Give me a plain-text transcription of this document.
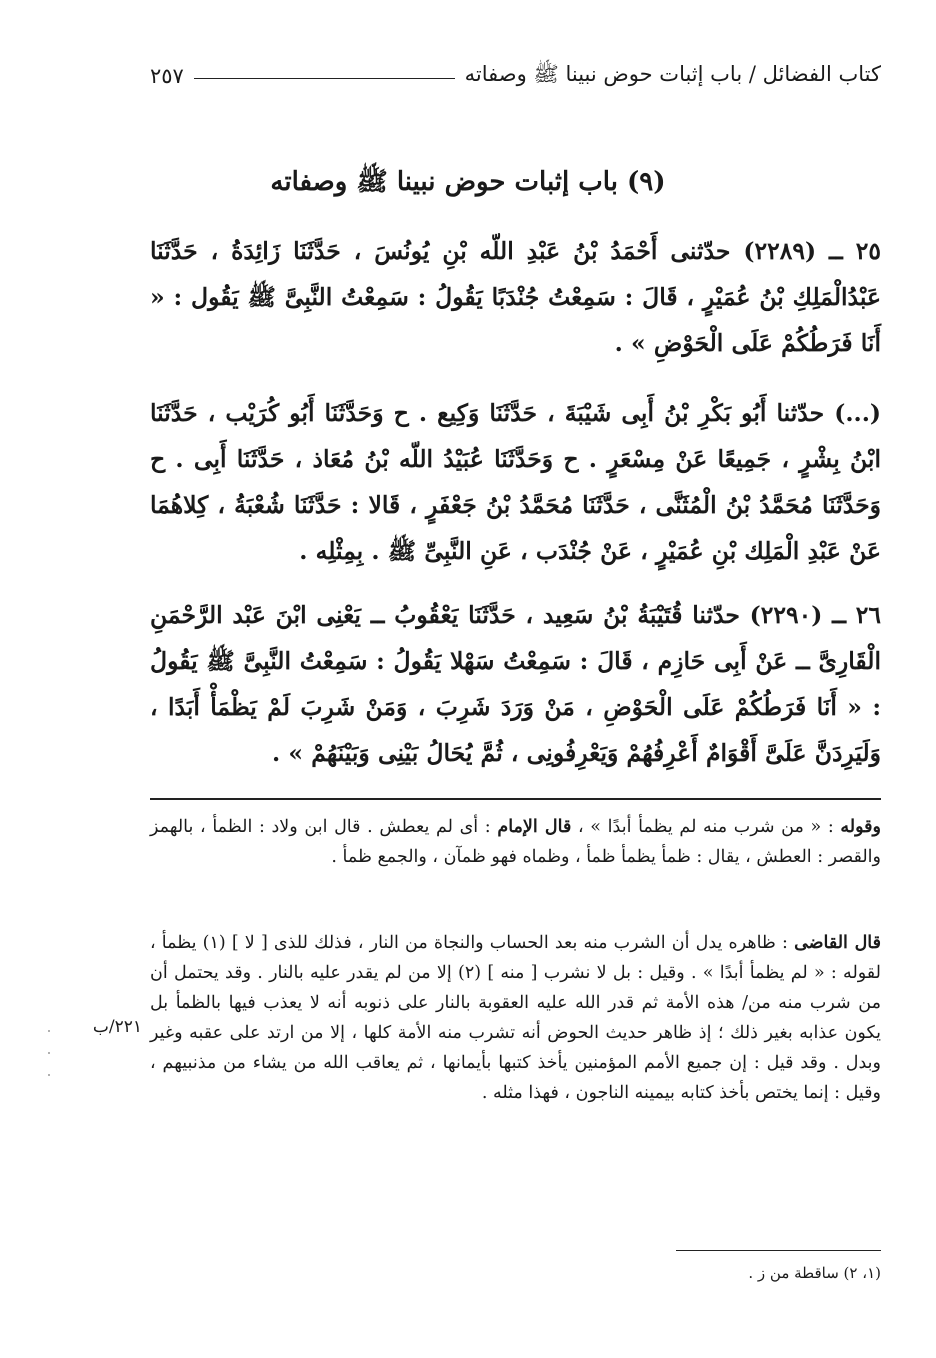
كتاب الفضائل / باب إثبات حوض نبينا ﷺ وصفاته
٢٥٧
(٩) باب إثبات حوض نبينا ﷺ وصفاته

٢٥ ــ (٢٢٨٩) حدّثنى أَحْمَدُ بْنُ عَبْدِ اللّه بْنِ يُونُسَ ، حَدَّثَنَا زَائِدَةُ ، حَدَّثَنَا عَبْدُالْمَلِكِ بْنُ عُمَيْرٍ ، قَالَ : سَمِعْتُ جُنْدَبًا يَقُولُ : سَمِعْتُ النَّبِىَّ ﷺ يَقُول : « أَنَا فَرَطُكُمْ عَلَى الْحَوْضِ » .

(...) حدّثنا أَبُو بَكْرِ بْنُ أَبِى شَيْبَةَ ، حَدَّثَنَا وَكِيع . ح وَحَدَّثَنَا أَبُو كُرَيْب ، حَدَّثَنَا ابْنُ بِشْرٍ ، جَمِيعًا عَنْ مِسْعَرٍ . ح وَحَدَّثَنَا عُبَيْدُ اللّه بْنُ مُعَاذ ، حَدَّثَنَا أَبِى . ح وَحَدَّثَنَا مُحَمَّدُ بْنُ الْمُثَنَّى ، حَدَّثَنَا مُحَمَّدُ بْنُ جَعْفَرٍ ، قَالا : حَدَّثَنَا شُعْبَةُ ، كِلاهُمَا عَنْ عَبْدِ الْمَلِك بْنِ عُمَيْرٍ ، عَنْ جُنْدَب ، عَنِ النَّبِىِّ ﷺ . بِمِثْلِه .

٢٦ ــ (٢٢٩٠) حدّثنا قُتَيْبَةُ بْنُ سَعِيد ، حَدَّثَنَا يَعْقُوبُ ــ يَعْنِى ابْنَ عَبْد الرَّحْمَنِ الْقَارِىَّ ــ عَنْ أَبِى حَازِم ، قَالَ : سَمِعْتُ سَهْلا يَقُولُ : سَمِعْتُ النَّبِىَّ ﷺ يَقُولُ : « أَنَا فَرَطُكُمْ عَلَى الْحَوْضِ ، مَنْ وَرَدَ شَرِبَ ، وَمَنْ شَرِبَ لَمْ يَظْمَأْ أَبَدًا ، وَلَيَرِدَنَّ عَلَىَّ أَقْوَامٌ أَعْرِفُهُمْ وَيَعْرِفُونِى ، ثُمَّ يُحَالُ بَيْنِى وَبَيْنَهُمْ » .

وقوله : « من شرب منه لم يظمأ أبدًا » ، قال الإمام : أى لم يعطش . قال ابن ولاد : الظمأ ، بالهمز والقصر : العطش ، يقال : ظمأ يظمأ ظمأ ، وظماه فهو ظمآن ، والجمع ظمأ .

قال القاضى : ظاهره يدل أن الشرب منه بعد الحساب والنجاة من النار ، فذلك للذى [ لا ] (١) يظمأ ، لقوله : « لم يظمأ أبدًا » . وقيل : بل لا نشرب [ منه ] (٢) إلا من لم يقدر عليه بالنار . وقد يحتمل أن من شرب منه من/ هذه الأمة ثم قدر الله عليه العقوبة بالنار على ذنوبه أنه لا يعذب فيها بالظمأ بل يكون عذابه بغير ذلك ؛ إذ ظاهر حديث الحوض أنه تشرب منه الأمة كلها ، إلا من ارتد على عقبه وغير وبدل . وقد قيل : إن جميع الأمم المؤمنين يأخذ كتبها بأيمانها ، ثم يعاقب الله من يشاء من مذنبيهم ، وقيل : إنما يختص بأخذ كتابه بيمينه الناجون ، فهذا مثله .

٢٢١/ب
(١، ٢) ساقطة من ز .
